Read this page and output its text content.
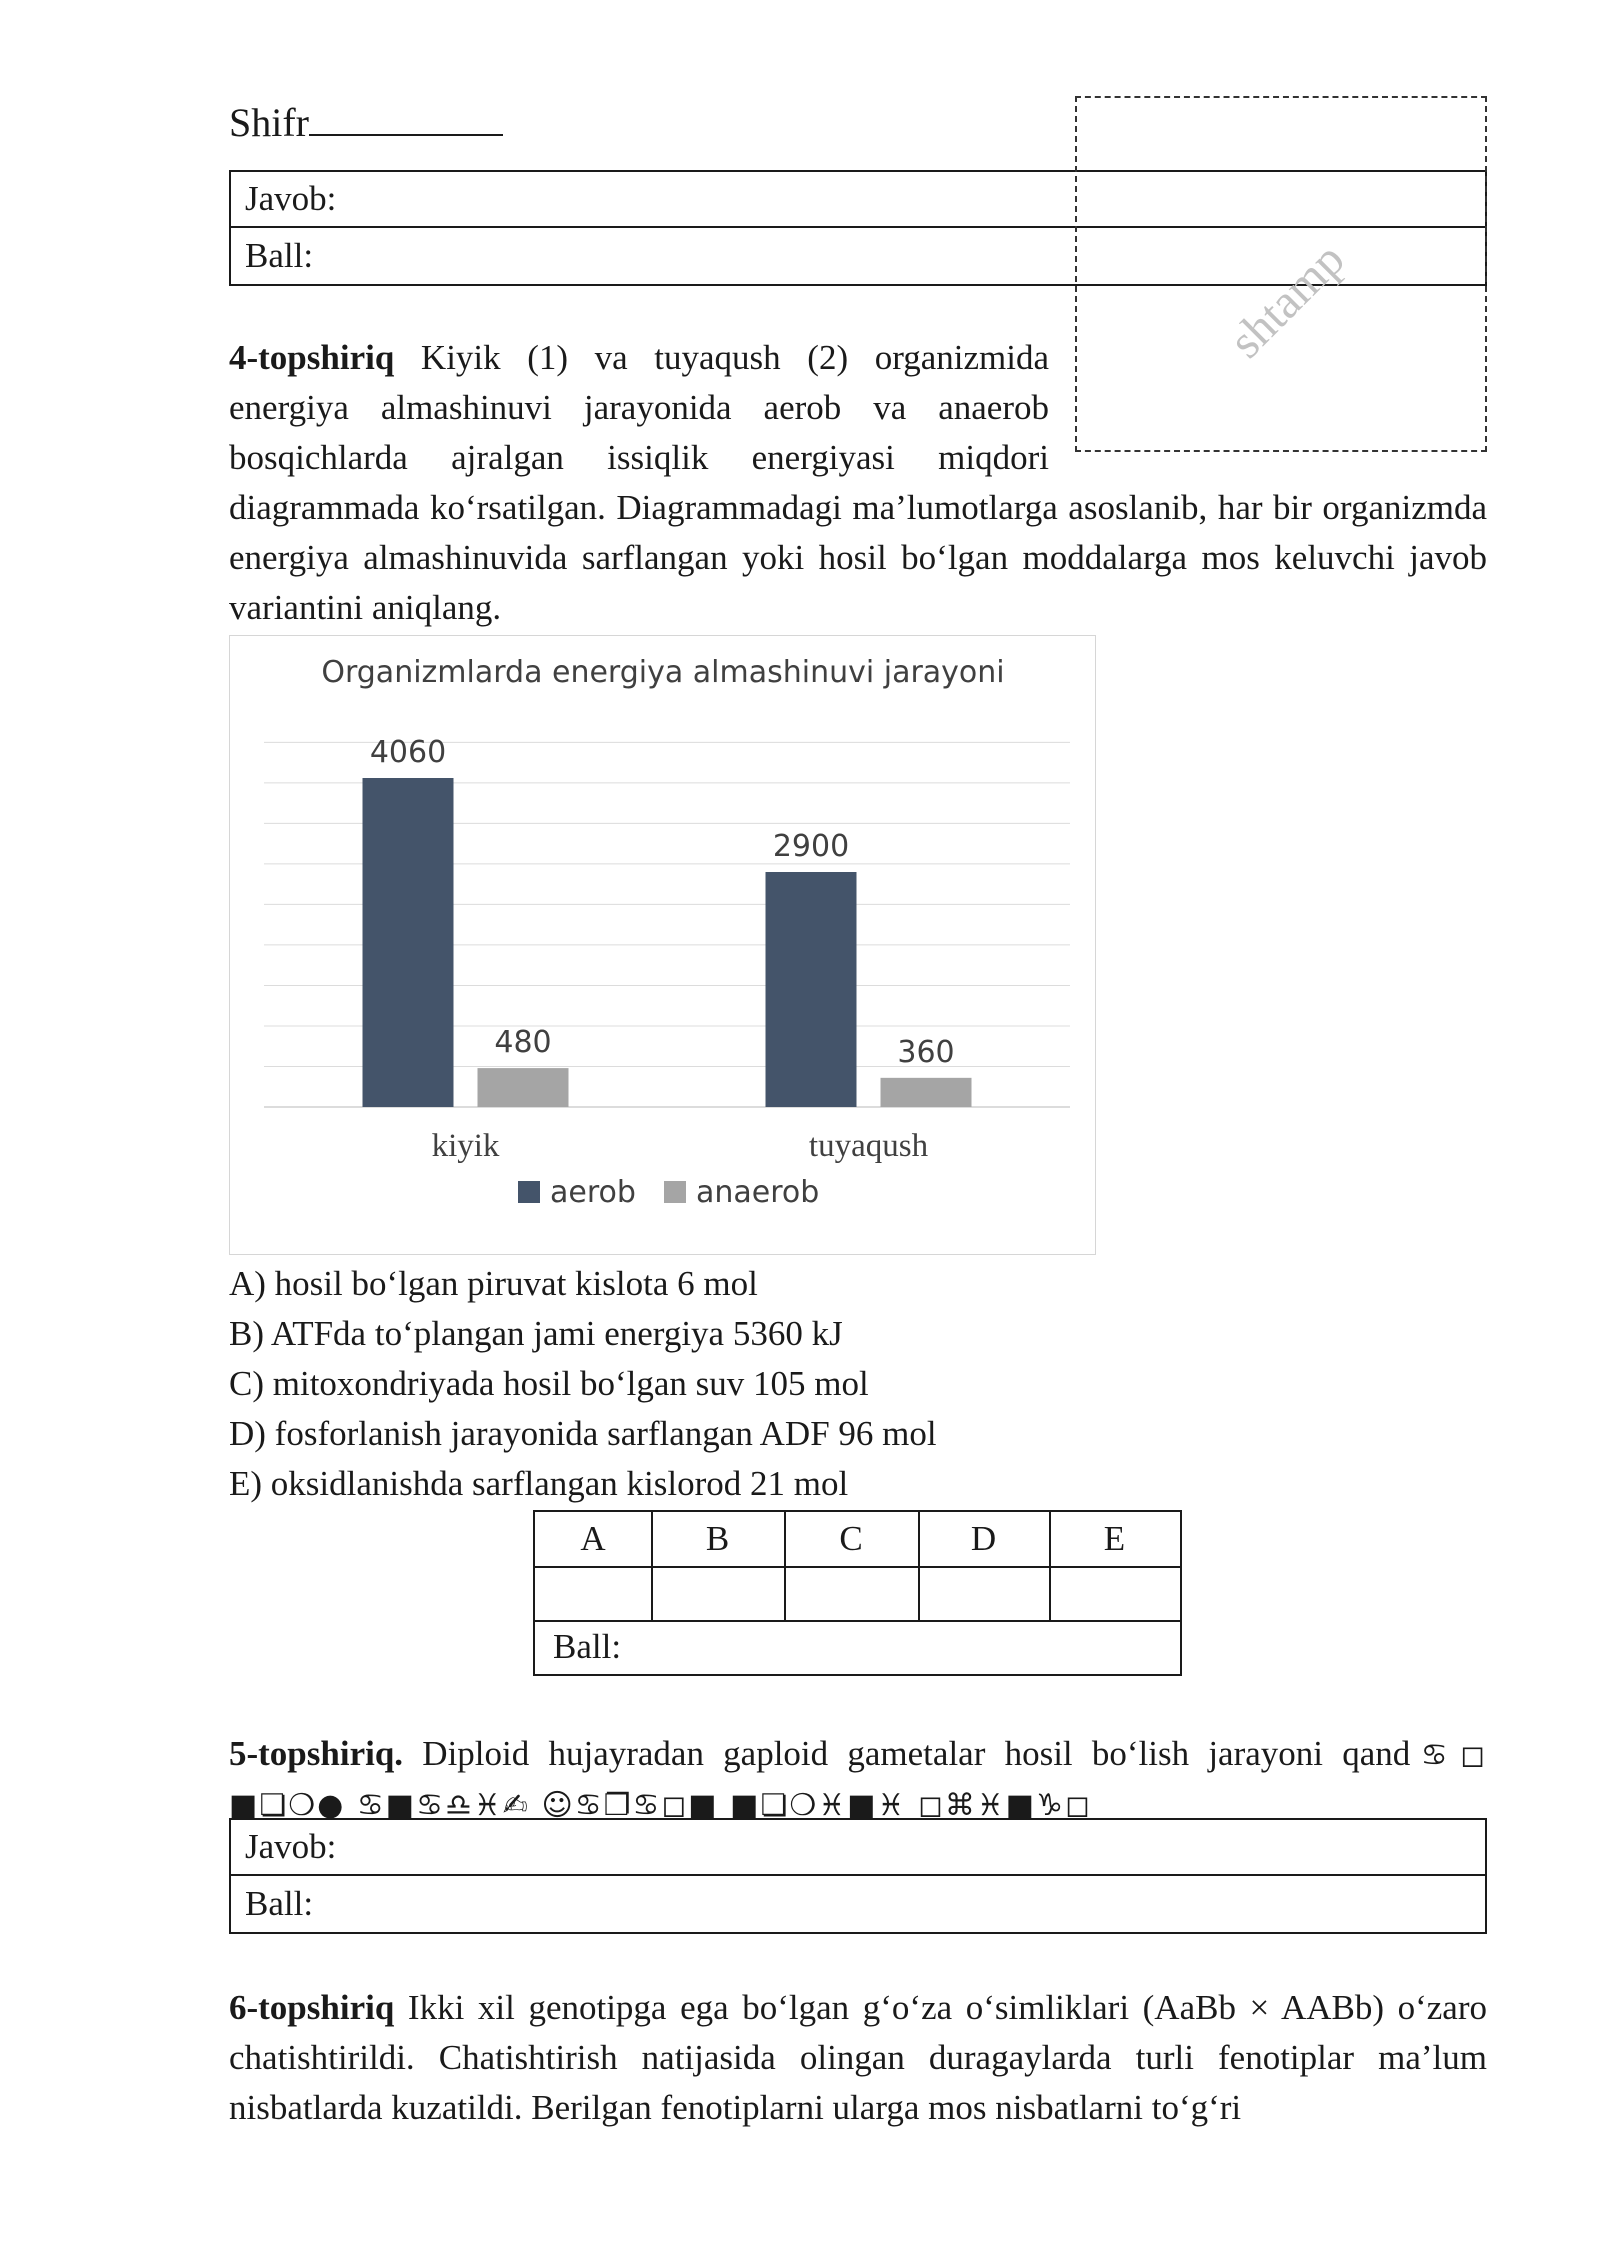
Shifr
Javob:
Ball:	shtamp
4-topshiriq Kiyik (1) va tuyaqush (2) organizmida
energiya almashinuvi jarayonida aerob va anaerob
bosqichlarda ajralgan issiqlik energiyasi miqdori
diagrammada ko‘rsatilgan. Diagrammadagi ma’lumotlarga asoslanib, har bir organizmda energiya almashinuvida sarflangan yoki hosil bo‘lgan moddalarga mos keluvchi javob variantini aniqlang.
Organizmlarda energiya almashinuvi jarayoni
4060
480
kiyik
2900
360
tuyaqush
aerob anaerob
A) hosil bo‘lgan piruvat kislota 6 mol
B) ATFda to‘plangan jami energiya 5360 kJ
C) mitoxondriyada hosil bo‘lgan suv 105 mol
D) fosforlanish jarayonida sarflangan ADF 96 mol
E) oksidlanishda sarflangan kislorod 21 mol
A	B	C	D	E
Ball:
5-topshiriq. Diploid hujayradan gaploid gametalar hosil bo‘lish jarayoni qand♋◻
■❏❍● ♋■♋♎♓✍ ☺♋❐♋◻■ ■❏❍♓■♓ ◻⌘♓■♑◻
Javob:
Ball:
6-topshiriq Ikki xil genotipga ega bo‘lgan g‘o‘za o‘simliklari (AaBb × AABb) o‘zaro chatishtirildi. Chatishtirish natijasida olingan duragaylarda turli fenotiplar ma’lum nisbatlarda kuzatildi. Berilgan fenotiplarni ularga mos nisbatlarni to‘g‘ri
